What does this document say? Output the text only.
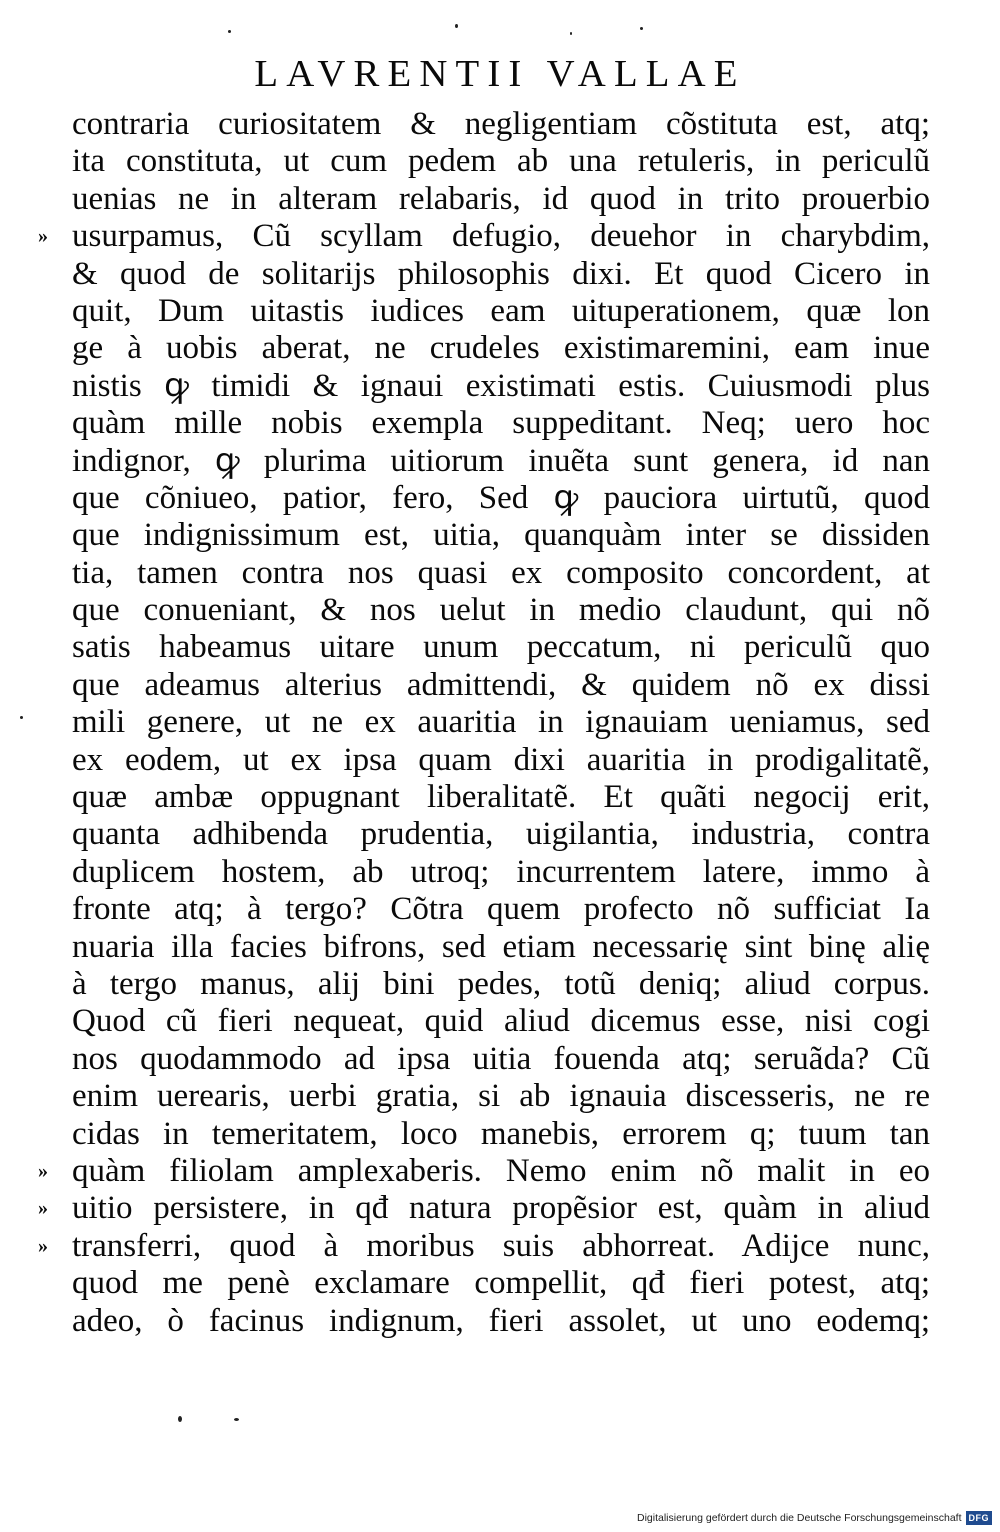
LAVRENTII VALLAE
contraria curiositatem & negligentiam cõstituta est, atq;
ita constituta, ut cum pedem ab una retuleris, in periculũ
uenias ne in alteram relabaris, id quod in trito prouerbio
» usurpamus, Cũ scyllam defugio, deuehor in charybdim,
& quod de solitarijs philosophis dixi. Et quod Cicero in
quit, Dum uitastis iudices eam uituperationem, quæ lon
ge à uobis aberat, ne crudeles existimaremini, eam inue
nistis ꝙ timidi & ignaui existimati estis. Cuiusmodi plus
quàm mille nobis exempla suppeditant. Neq; uero hoc
indignor, ꝙ plurima uitiorum inuẽta sunt genera, id nan
que cõniueo, patior, fero, Sed ꝙ pauciora uirtutũ, quod
que indignissimum est, uitia, quanquàm inter se dissiden
tia, tamen contra nos quasi ex composito concordent, at
que conueniant, & nos uelut in medio claudunt, qui nõ
satis habeamus uitare unum peccatum, ni periculũ quo
que adeamus alterius admittendi, & quidem nõ ex dissi
mili genere, ut ne ex auaritia in ignauiam ueniamus, sed
ex eodem, ut ex ipsa quam dixi auaritia in prodigalitatẽ,
quæ ambæ oppugnant liberalitatẽ. Et quãti negocij erit,
quanta adhibenda prudentia, uigilantia, industria, contra
duplicem hostem, ab utroq; incurrentem latere, immo à
fronte atq; à tergo? Cõtra quem profecto nõ sufficiat Ia
nuaria illa facies bifrons, sed etiam necessarię sint binę alię
à tergo manus, alij bini pedes, totũ deniq; aliud corpus.
Quod cũ fieri nequeat, quid aliud dicemus esse, nisi cogi
nos quodammodo ad ipsa uitia fouenda atq; seruãda? Cũ
enim uerearis, uerbi gratia, si ab ignauia discesseris, ne re
cidas in temeritatem, loco manebis, errorem q; tuum tan
» quàm filiolam amplexaberis. Nemo enim nõ malit in eo
» uitio persistere, in qđ natura propẽsior est, quàm in aliud
» transferri, quod à moribus suis abhorreat. Adijce nunc,
quod me penè exclamare compellit, qđ fieri potest, atq;
adeo, ò facinus indignum, fieri assolet, ut uno eodemq;
Digitalisierung gefördert durch die Deutsche Forschungsgemeinschaft DFG
